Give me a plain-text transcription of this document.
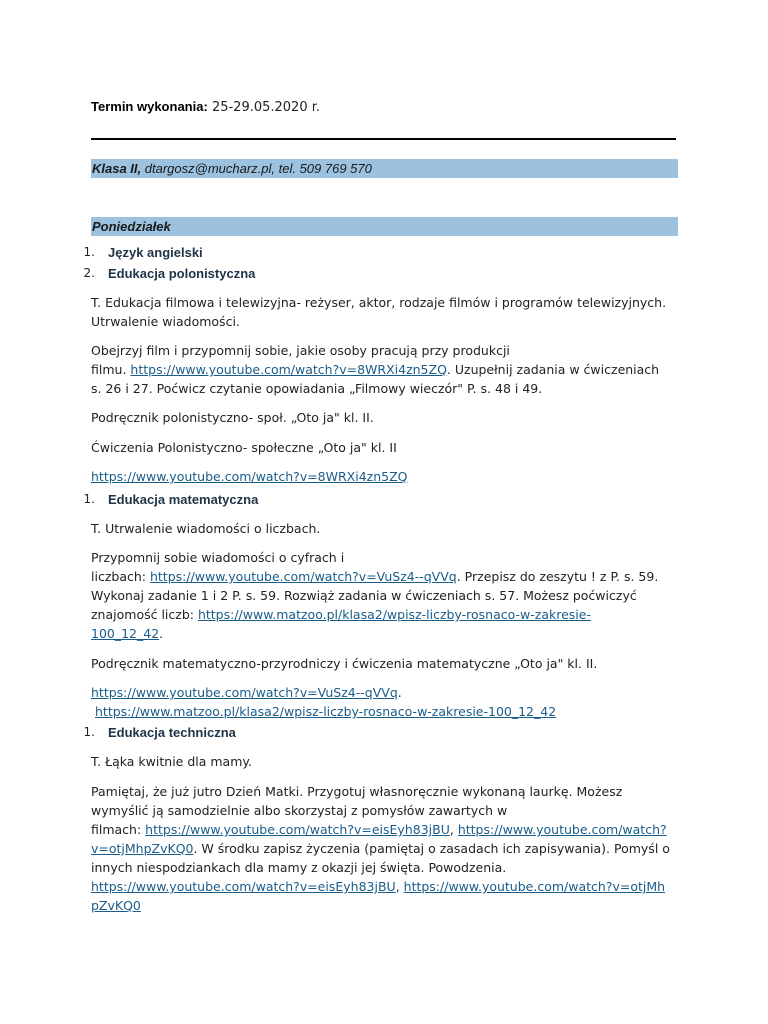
Termin wykonania: 25-29.05.2020 r.
Klasa II, dtargosz@mucharz.pl, tel. 509 769 570
Poniedziałek
1. Język angielski
2. Edukacja polonistyczna
T. Edukacja filmowa i telewizyjna- reżyser, aktor, rodzaje filmów i programów telewizyjnych.
Utrwalenie wiadomości.
Obejrzyj film i przypomnij sobie, jakie osoby pracują przy produkcji
filmu. https://www.youtube.com/watch?v=8WRXi4zn5ZQ. Uzupełnij zadania w ćwiczeniach
s. 26 i 27. Poćwicz czytanie opowiadania „Filmowy wieczór" P. s. 48 i 49.
Podręcznik polonistyczno- społ. „Oto ja" kl. II.
Ćwiczenia Polonistyczno- społeczne „Oto ja" kl. II
https://www.youtube.com/watch?v=8WRXi4zn5ZQ
1. Edukacja matematyczna
T. Utrwalenie wiadomości o liczbach.
Przypomnij sobie wiadomości o cyfrach i
liczbach: https://www.youtube.com/watch?v=VuSz4--qVVq. Przepisz do zeszytu ! z P. s. 59.
Wykonaj zadanie 1 i 2 P. s. 59. Rozwiąż zadania w ćwiczeniach s. 57. Możesz poćwiczyć
znajomość liczb: https://www.matzoo.pl/klasa2/wpisz-liczby-rosnaco-w-zakresie-
100_12_42.
Podręcznik matematyczno-przyrodniczy i ćwiczenia matematyczne „Oto ja" kl. II.
https://www.youtube.com/watch?v=VuSz4--qVVq.
https://www.matzoo.pl/klasa2/wpisz-liczby-rosnaco-w-zakresie-100_12_42
1. Edukacja techniczna
T. Łąka kwitnie dla mamy.
Pamiętaj, że już jutro Dzień Matki. Przygotuj własnoręcznie wykonaną laurkę. Możesz
wymyślić ją samodzielnie albo skorzystaj z pomysłów zawartych w
filmach: https://www.youtube.com/watch?v=eisEyh83jBU, https://www.youtube.com/watch?
v=otjMhpZvKQ0. W środku zapisz życzenia (pamiętaj o zasadach ich zapisywania). Pomyśl o
innych niespodziankach dla mamy z okazji jej święta. Powodzenia.
https://www.youtube.com/watch?v=eisEyh83jBU, https://www.youtube.com/watch?v=otjMh
pZvKQ0
